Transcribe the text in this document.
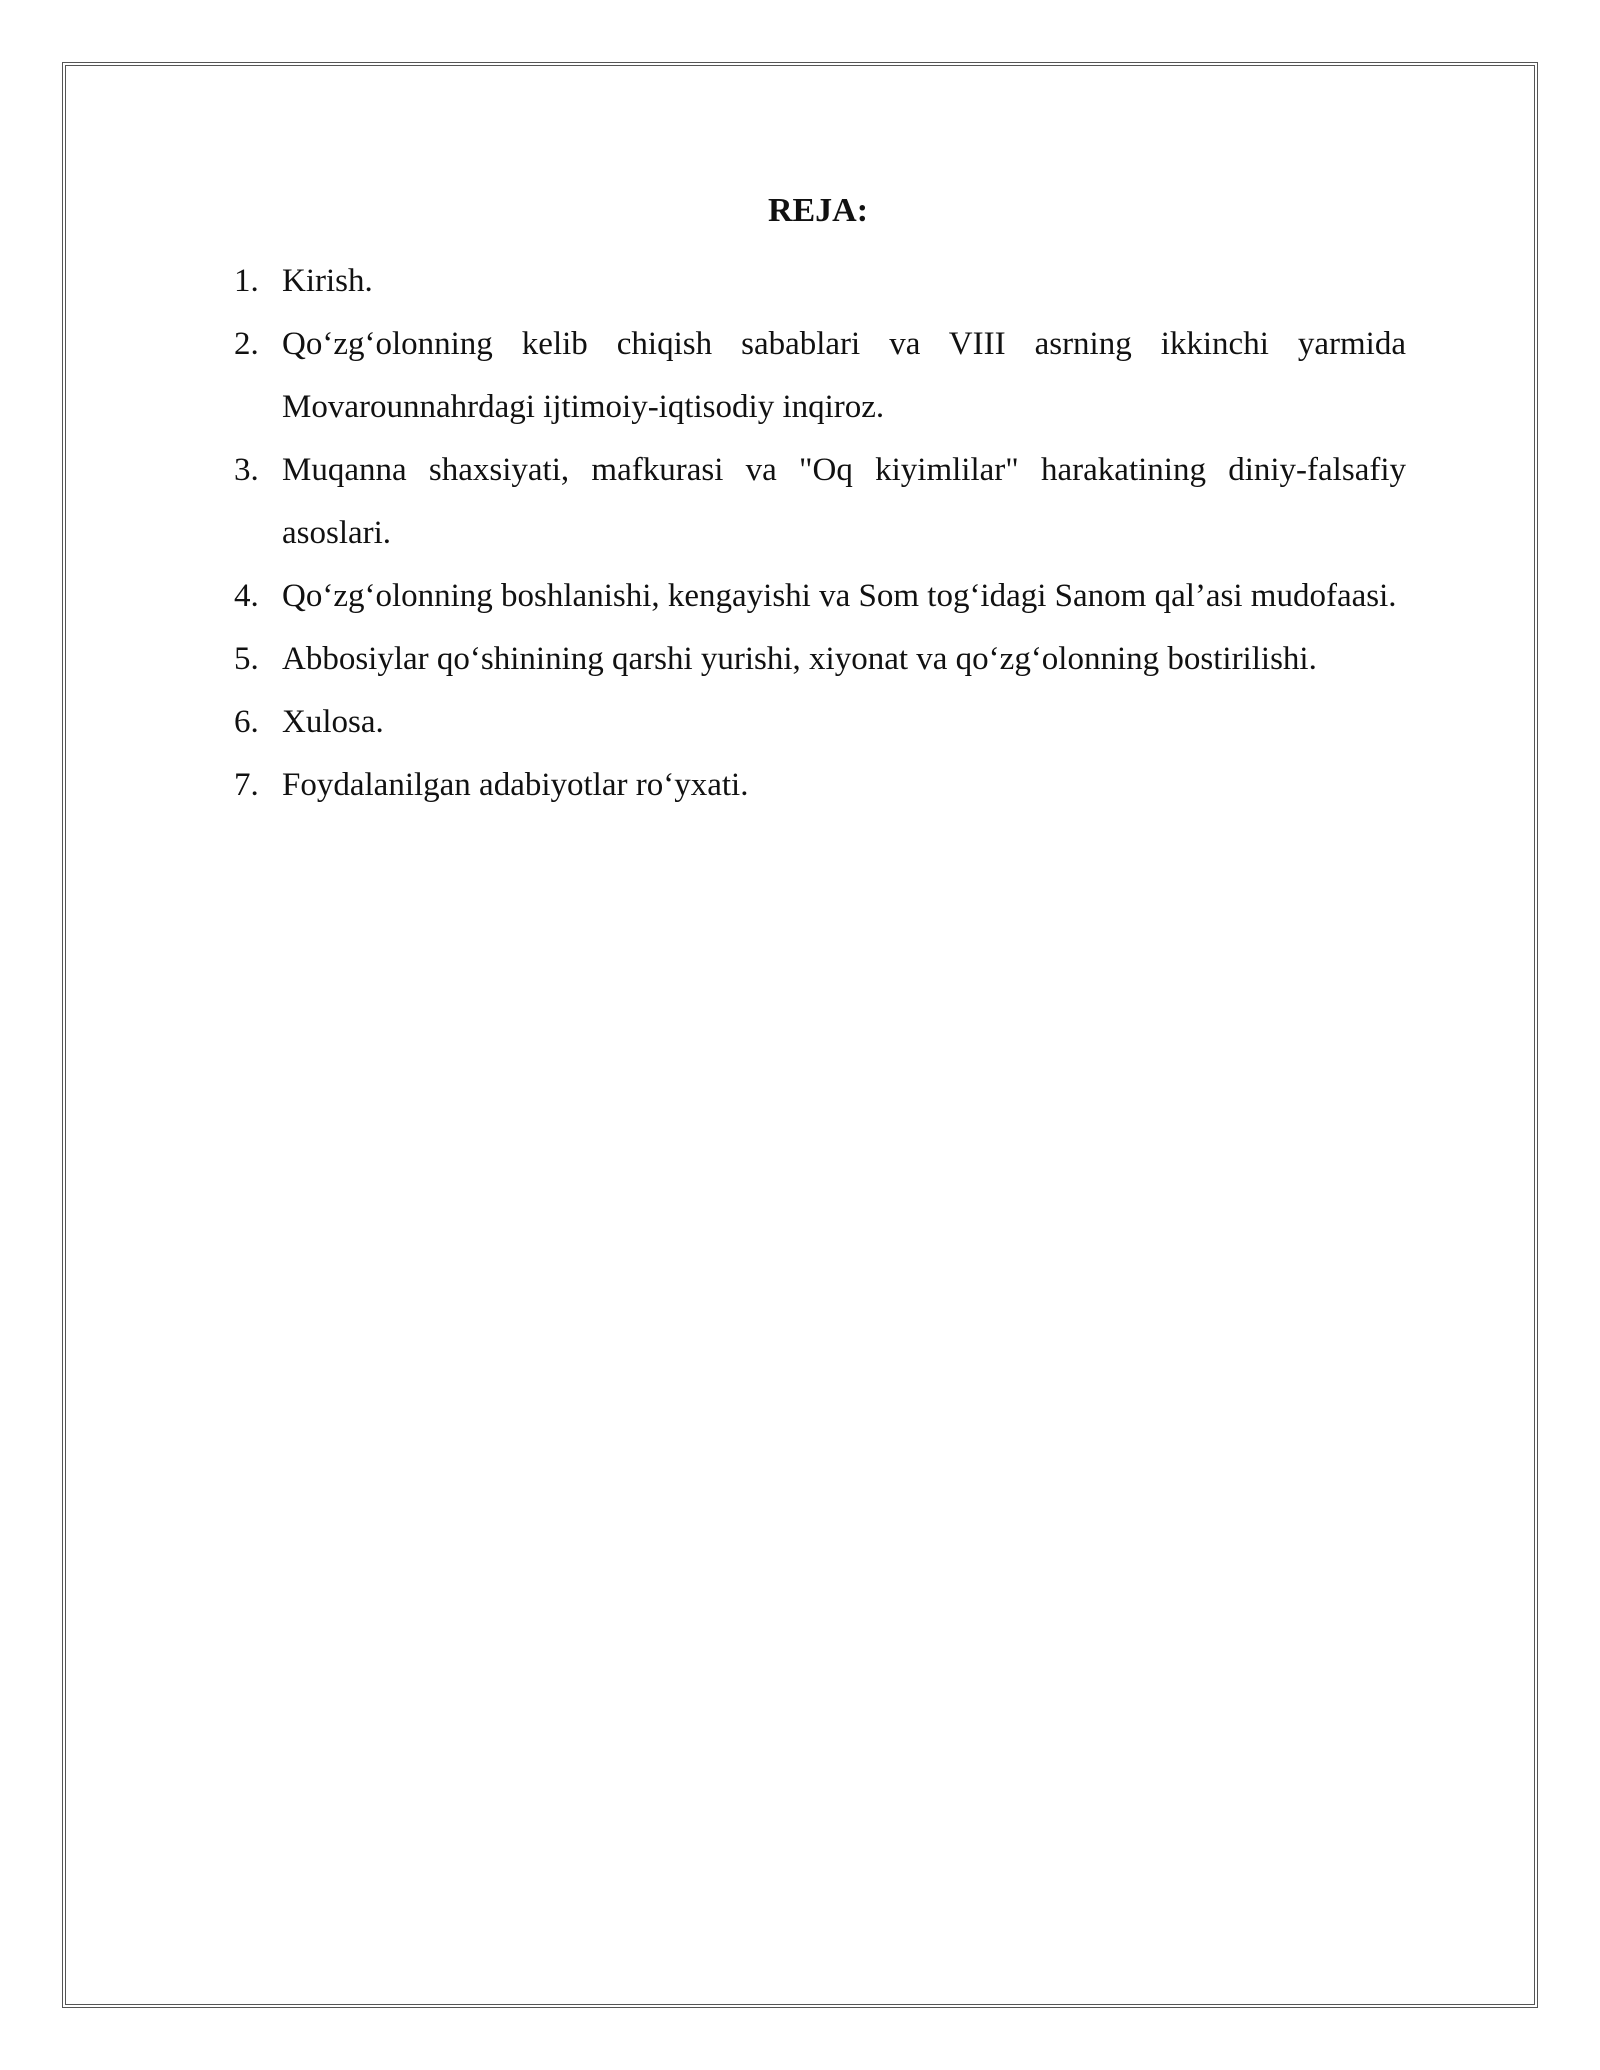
REJA:
1. Kirish.
2. Qo‘zg‘olonning kelib chiqish sabablari va VIII asrning ikkinchi yarmida Movarounnahrdagi ijtimoiy-iqtisodiy inqiroz.
3. Muqanna shaxsiyati, mafkurasi va "Oq kiyimlilar" harakatining diniy-falsafiy asoslari.
4. Qo‘zg‘olonning boshlanishi, kengayishi va Som tog‘idagi Sanom qal’asi mudofaasi.
5. Abbosiylar qo‘shinining qarshi yurishi, xiyonat va qo‘zg‘olonning bostirilishi.
6. Xulosa.
7. Foydalanilgan adabiyotlar ro‘yxati.
